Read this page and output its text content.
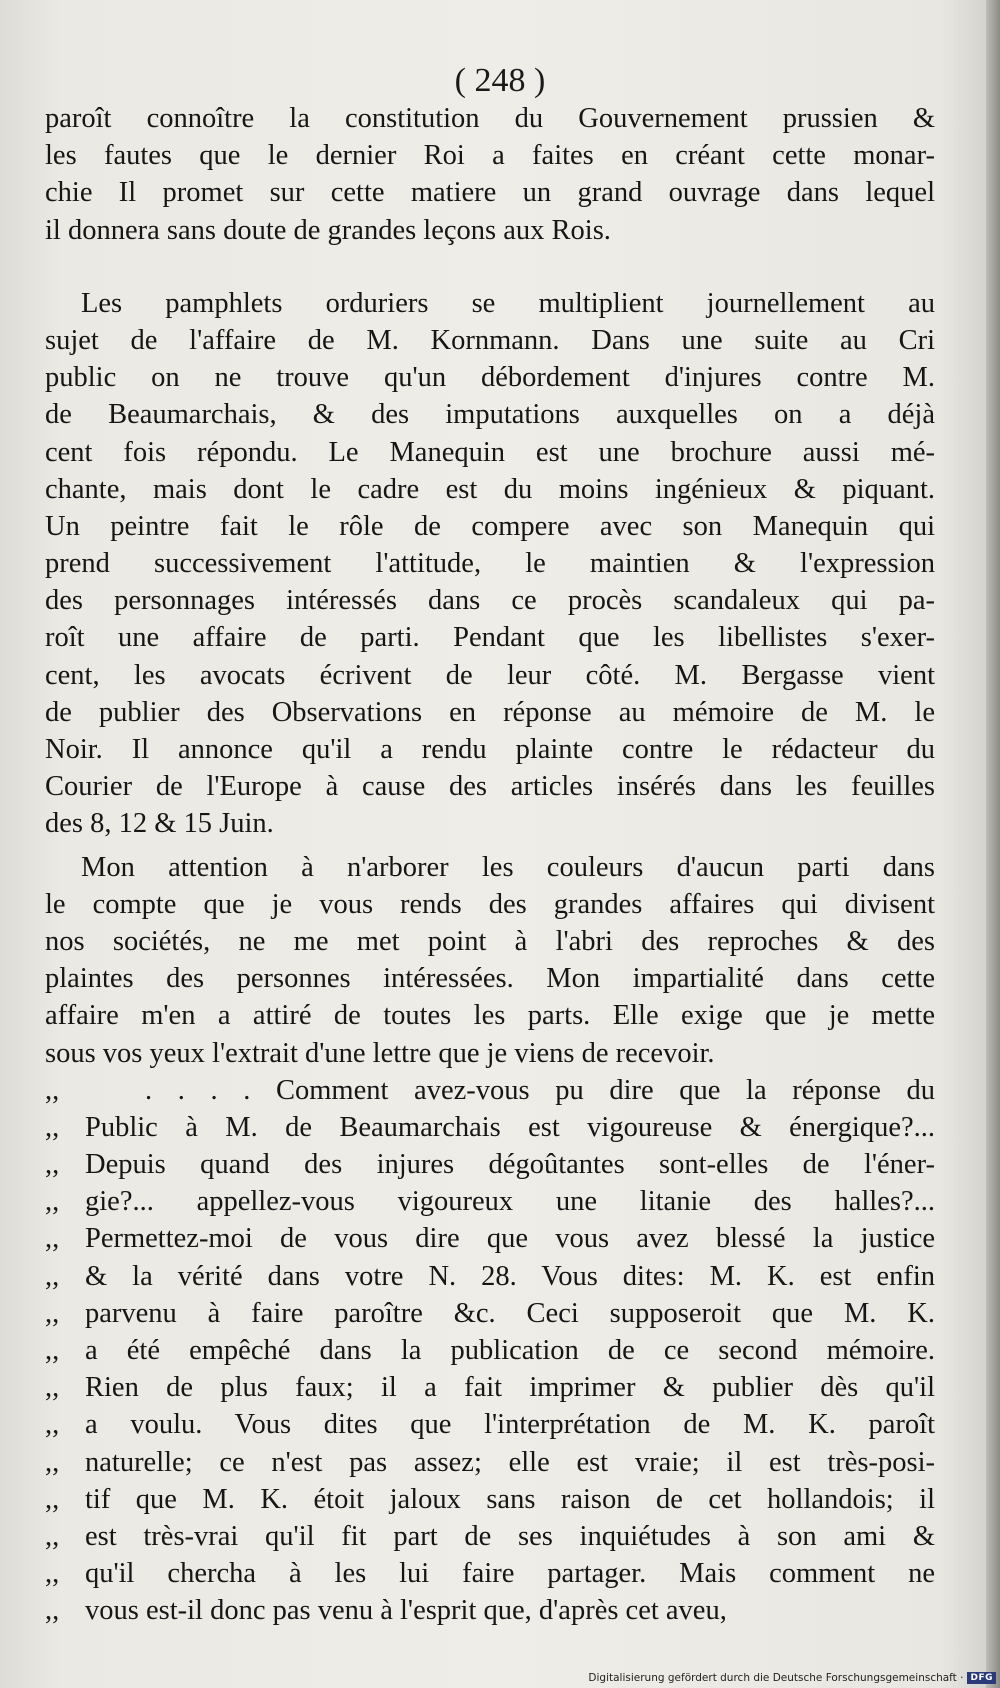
( 248 )
paroît connoître la constitution du Gouvernement prussien &
les fautes que le dernier Roi a faites en créant cette monar-
chie Il promet sur cette matiere un grand ouvrage dans lequel
il donnera sans doute de grandes leçons aux Rois.
Les pamphlets orduriers se multiplient journellement au
sujet de l'affaire de M. Kornmann. Dans une suite au Cri
public on ne trouve qu'un débordement d'injures contre M.
de Beaumarchais, & des imputations auxquelles on a déjà
cent fois répondu. Le Manequin est une brochure aussi mé-
chante, mais dont le cadre est du moins ingénieux & piquant.
Un peintre fait le rôle de compere avec son Manequin qui
prend successivement l'attitude, le maintien & l'expression
des personnages intéressés dans ce procès scandaleux qui pa-
roît une affaire de parti. Pendant que les libellistes s'exer-
cent, les avocats écrivent de leur côté. M. Bergasse vient
de publier des Observations en réponse au mémoire de M. le
Noir. Il annonce qu'il a rendu plainte contre le rédacteur du
Courier de l'Europe à cause des articles insérés dans les feuilles
des 8, 12 & 15 Juin.
Mon attention à n'arborer les couleurs d'aucun parti dans
le compte que je vous rends des grandes affaires qui divisent
nos sociétés, ne me met point à l'abri des reproches & des
plaintes des personnes intéressées. Mon impartialité dans cette
affaire m'en a attiré de toutes les parts. Elle exige que je mette
sous vos yeux l'extrait d'une lettre que je viens de recevoir.
,,	. . . . Comment avez-vous pu dire que la réponse du
,, Public à M. de Beaumarchais est vigoureuse & énergique?...
,, Depuis quand des injures dégoûtantes sont-elles de l'éner-
,, gie?... appellez-vous vigoureux une litanie des halles?...
,, Permettez-moi de vous dire que vous avez blessé la justice
,, & la vérité dans votre N. 28. Vous dites: M. K. est enfin
,, parvenu à faire paroître &c. Ceci supposeroit que M. K.
,, a été empêché dans la publication de ce second mémoire.
,, Rien de plus faux; il a fait imprimer & publier dès qu'il
,, a voulu. Vous dites que l'interprétation de M. K. paroît
,, naturelle; ce n'est pas assez; elle est vraie; il est très-posi-
,, tif que M. K. étoit jaloux sans raison de cet hollandois; il
,, est très-vrai qu'il fit part de ses inquiétudes à son ami &
,, qu'il chercha à les lui faire partager. Mais comment ne
,, vous est-il donc pas venu à l'esprit que, d'après cet aveu,
Digitalisierung gefördert durch die Deutsche Forschungsgemeinschaft · DFG
